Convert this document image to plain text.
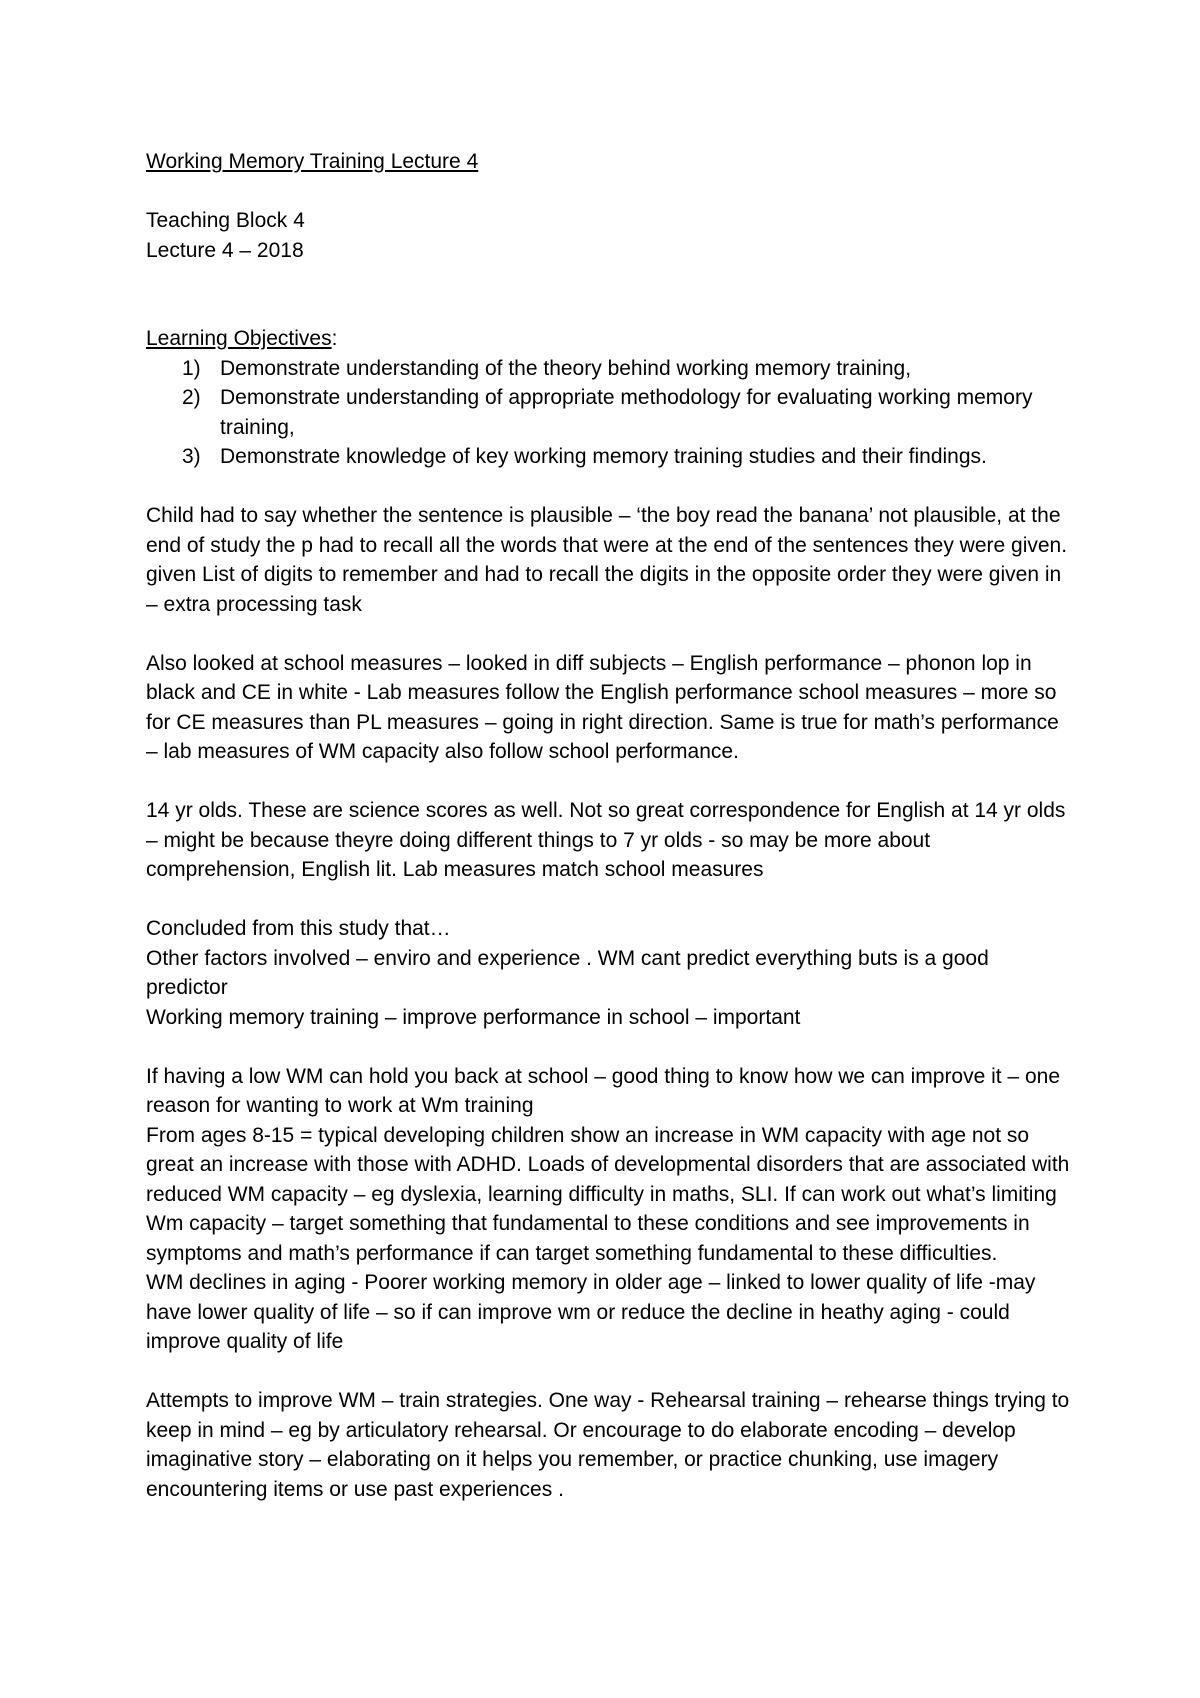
Working Memory Training Lecture 4

Teaching Block 4

Lecture 4 – 2018

Learning Objectives:

1) Demonstrate understanding of the theory behind working memory training,
2) Demonstrate understanding of appropriate methodology for evaluating working memory training,
3) Demonstrate knowledge of key working memory training studies and their findings.

Child had to say whether the sentence is plausible – ‘the boy read the banana’ not plausible, at the end of study the p had to recall all the words that were at the end of the sentences they were given. given List of digits to remember and had to recall the digits in the opposite order they were given in – extra processing task

Also looked at school measures – looked in diff subjects – English performance – phonon lop in black and CE in white - Lab measures follow the English performance school measures – more so for CE measures than PL measures – going in right direction. Same is true for math’s performance – lab measures of WM capacity also follow school performance.

14 yr olds. These are science scores as well. Not so great correspondence for English at 14 yr olds – might be because theyre doing different things to 7 yr olds - so may be more about comprehension, English lit. Lab measures match school measures

Concluded from this study that…

Other factors involved – enviro and experience . WM cant predict everything buts is a good predictor

Working memory training – improve performance in school – important

If having a low WM can hold you back at school – good thing to know how we can improve it – one reason for wanting to work at Wm training

From ages 8-15 = typical developing children show an increase in WM capacity with age not so great an increase with those with ADHD. Loads of developmental disorders that are associated with reduced WM capacity – eg dyslexia, learning difficulty in maths, SLI. If can work out what’s limiting Wm capacity – target something that fundamental to these conditions and see improvements in symptoms and math’s performance if can target something fundamental to these difficulties.

WM declines in aging - Poorer working memory in older age – linked to lower quality of life -may have lower quality of life – so if can improve wm or reduce the decline in heathy aging - could improve quality of life

Attempts to improve WM – train strategies. One way - Rehearsal training – rehearse things trying to keep in mind – eg by articulatory rehearsal. Or encourage to do elaborate encoding – develop imaginative story – elaborating on it helps you remember, or practice chunking, use imagery encountering items or use past experiences .
